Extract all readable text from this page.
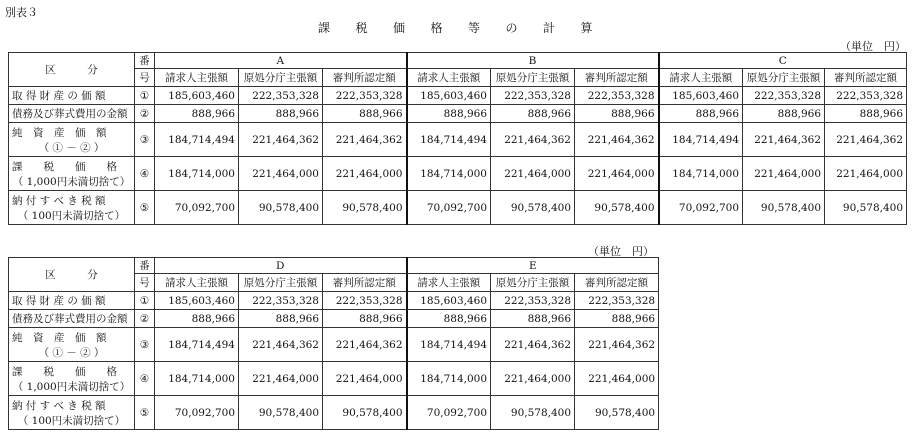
別表３
課　　税　　価　　格　　等　　の　　計　　算
（単位　円）
区　　　分	番	A			B			C		
	号	請求人主張額	原処分庁主張額	審判所認定額	請求人主張額	原処分庁主張額	審判所認定額	請求人主張額	原処分庁主張額	審判所認定額

取 得 財 産 の 価 額	①	185,603,460	222,353,328	222,353,328	185,603,460	222,353,328	222,353,328	185,603,460	222,353,328	222,353,328

債務及び葬式費用の金額	②	888,966	888,966	888,966	888,966	888,966	888,966	888,966	888,966	888,966

純　資　産　価　額
（ ① － ② ）	③	184,714,494	221,464,362	221,464,362	184,714,494	221,464,362	221,464,362	184,714,494	221,464,362	221,464,362

課　　税　　価　　格
（ 1,000円未満切捨て）	④	184,714,000	221,464,000	221,464,000	184,714,000	221,464,000	221,464,000	184,714,000	221,464,000	221,464,000

納 付 す べ き 税 額
（ 100円未満切捨て）	⑤	70,092,700	90,578,400	90,578,400	70,092,700	90,578,400	90,578,400	70,092,700	90,578,400	90,578,400
（単位　円）
区　　　分	番	D			E		
	号	請求人主張額	原処分庁主張額	審判所認定額	請求人主張額	原処分庁主張額	審判所認定額

取 得 財 産 の 価 額	①	185,603,460	222,353,328	222,353,328	185,603,460	222,353,328	222,353,328

債務及び葬式費用の金額	②	888,966	888,966	888,966	888,966	888,966	888,966

純　資　産　価　額
（ ① － ② ）	③	184,714,494	221,464,362	221,464,362	184,714,494	221,464,362	221,464,362

課　　税　　価　　格
（ 1,000円未満切捨て）	④	184,714,000	221,464,000	221,464,000	184,714,000	221,464,000	221,464,000

納 付 す べ き 税 額
（ 100円未満切捨て）	⑤	70,092,700	90,578,400	90,578,400	70,092,700	90,578,400	90,578,400
